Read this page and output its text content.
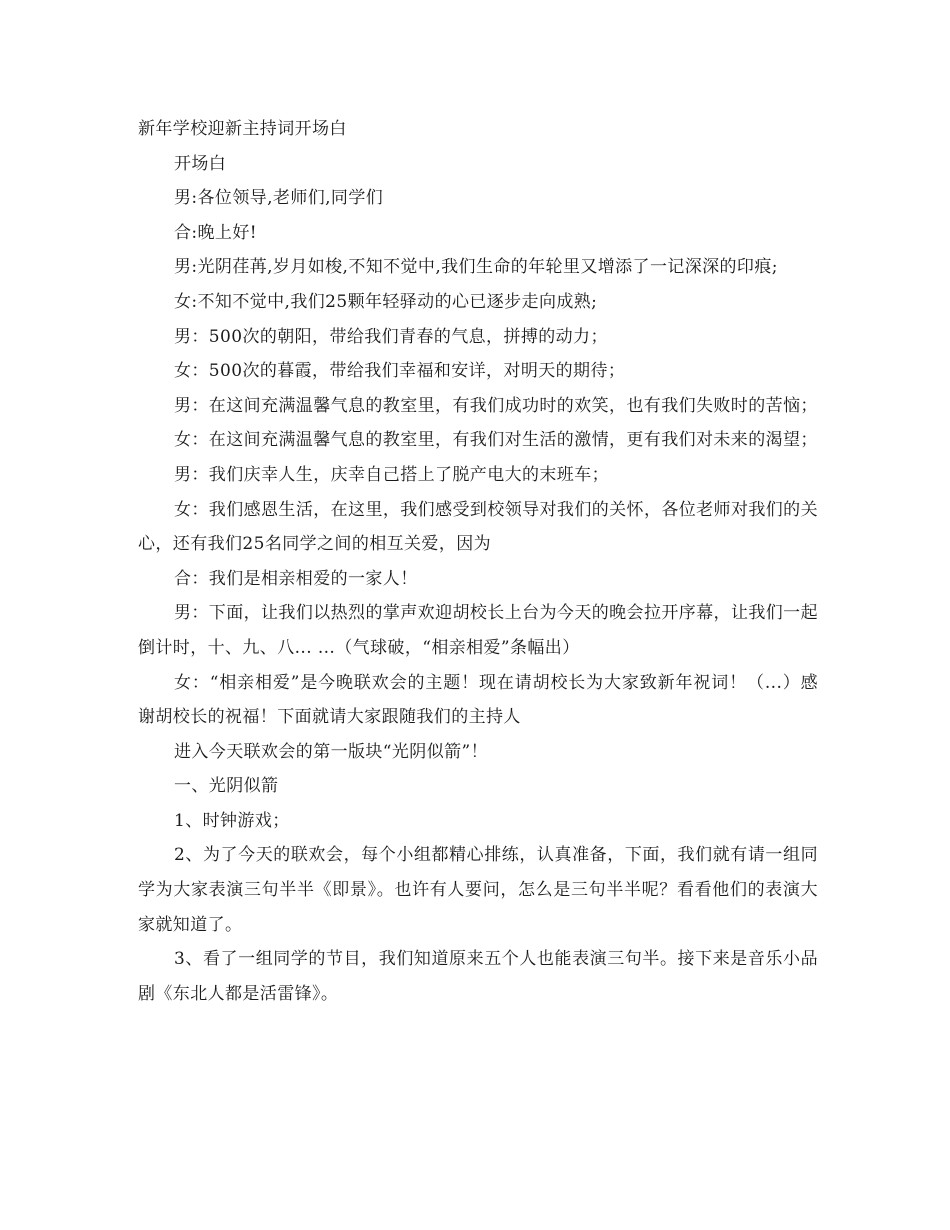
新年学校迎新主持词开场白

开场白

男:各位领导,老师们,同学们

合:晚上好!

男:光阴荏苒,岁月如梭,不知不觉中,我们生命的年轮里又增添了一记深深的印痕;

女:不知不觉中,我们25颗年轻驿动的心已逐步走向成熟;

男：500次的朝阳，带给我们青春的气息，拼搏的动力；

女：500次的暮霞，带给我们幸福和安详，对明天的期待；

男：在这间充满温馨气息的教室里，有我们成功时的欢笑，也有我们失败时的苦恼；

女：在这间充满温馨气息的教室里，有我们对生活的激情，更有我们对未来的渴望；

男：我们庆幸人生，庆幸自己搭上了脱产电大的末班车；

女：我们感恩生活，在这里，我们感受到校领导对我们的关怀，各位老师对我们的关心，还有我们25名同学之间的相互关爱，因为

合：我们是相亲相爱的一家人！

男：下面，让我们以热烈的掌声欢迎胡校长上台为今天的晚会拉开序幕，让我们一起倒计时，十、九、八... ...（气球破，“相亲相爱”条幅出）

女：“相亲相爱”是今晚联欢会的主题！现在请胡校长为大家致新年祝词！（...）感谢胡校长的祝福！下面就请大家跟随我们的主持人

进入今天联欢会的第一版块“光阴似箭”！

一、光阴似箭

1、时钟游戏；

2、为了今天的联欢会，每个小组都精心排练，认真准备，下面，我们就有请一组同学为大家表演三句半半《即景》。也许有人要问，怎么是三句半半呢？看看他们的表演大家就知道了。

3、看了一组同学的节目，我们知道原来五个人也能表演三句半。接下来是音乐小品剧《东北人都是活雷锋》。
